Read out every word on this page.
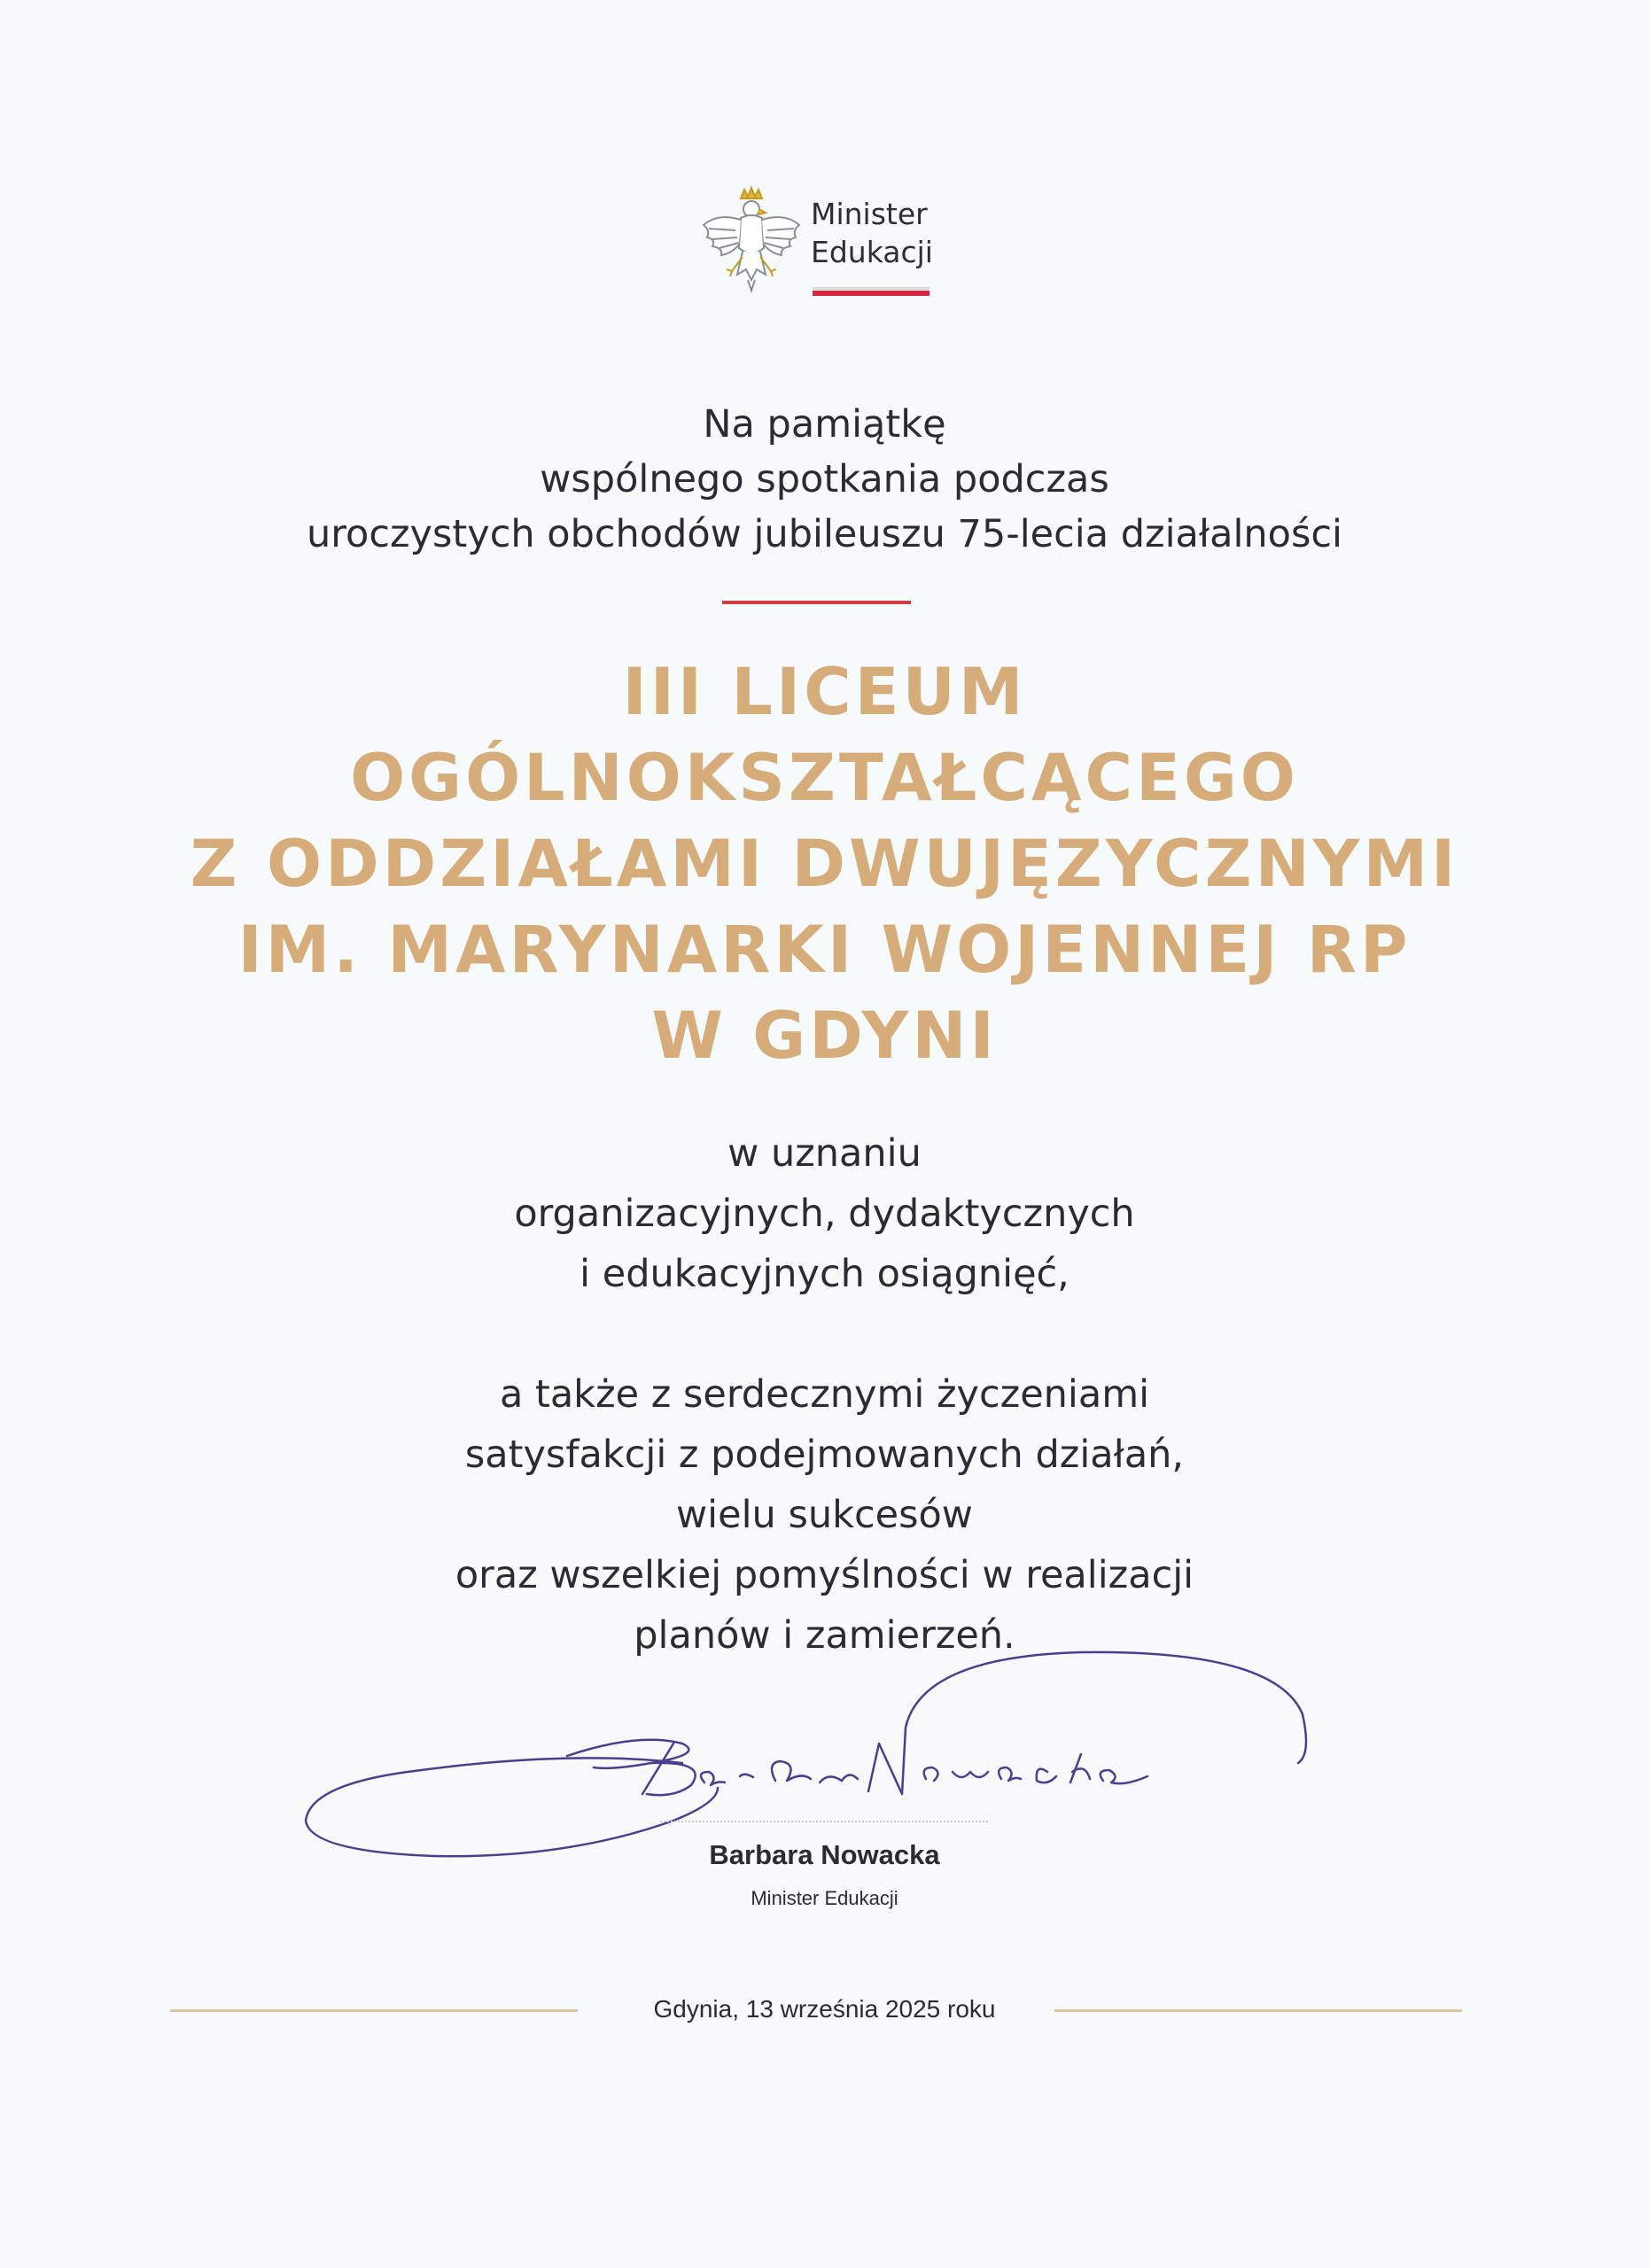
Minister
Edukacji
Na pamiątkę
wspólnego spotkania podczas
uroczystych obchodów jubileuszu 75-lecia działalności
III LICEUM
OGÓLNOKSZTAŁCĄCEGO
Z ODDZIAŁAMI DWUJĘZYCZNYMI
IM. MARYNARKI WOJENNEJ RP
W GDYNI
w uznaniu
organizacyjnych, dydaktycznych
i edukacyjnych osiągnięć,
a także z serdecznymi życzeniami
satysfakcji z podejmowanych działań,
wielu sukcesów
oraz wszelkiej pomyślności w realizacji
planów i zamierzeń.
Barbara Nowacka
Minister Edukacji
Gdynia, 13 września 2025 roku
